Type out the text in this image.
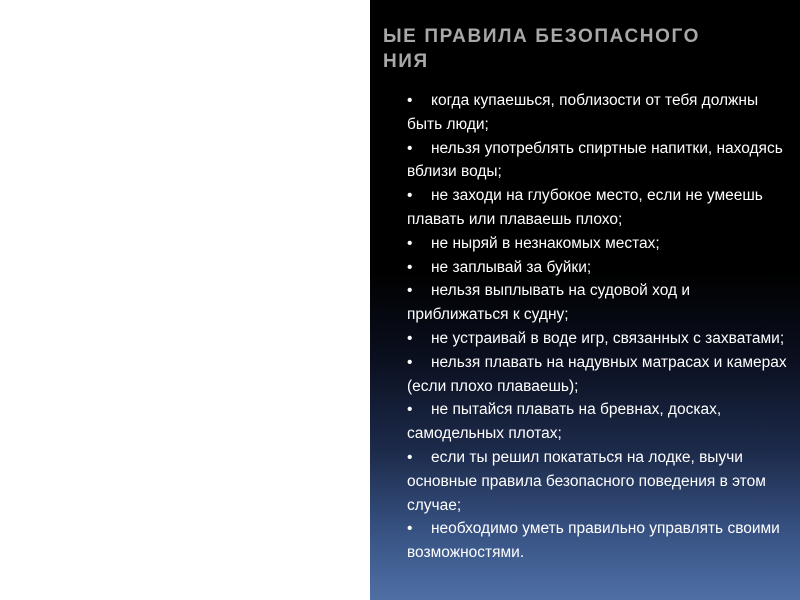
ЫЕ ПРАВИЛА БЕЗОПАСНОГО
НИЯ
• когда купаешься, поблизости от тебя должны быть люди;
• нельзя употреблять спиртные напитки, находясь вблизи воды;
• не заходи на глубокое место, если не умеешь плавать или плаваешь плохо;
• не ныряй в незнакомых местах;
• не заплывай за буйки;
• нельзя выплывать на судовой ход и приближаться к судну;
• не устраивай в воде игр, связанных с захватами;
• нельзя плавать на надувных матрасах и камерах (если плохо плаваешь);
• не пытайся плавать на бревнах, досках, самодельных плотах;
• если ты решил покататься на лодке, выучи основные правила безопасного поведения в этом случае;
• необходимо уметь правильно управлять своими возможностями.
